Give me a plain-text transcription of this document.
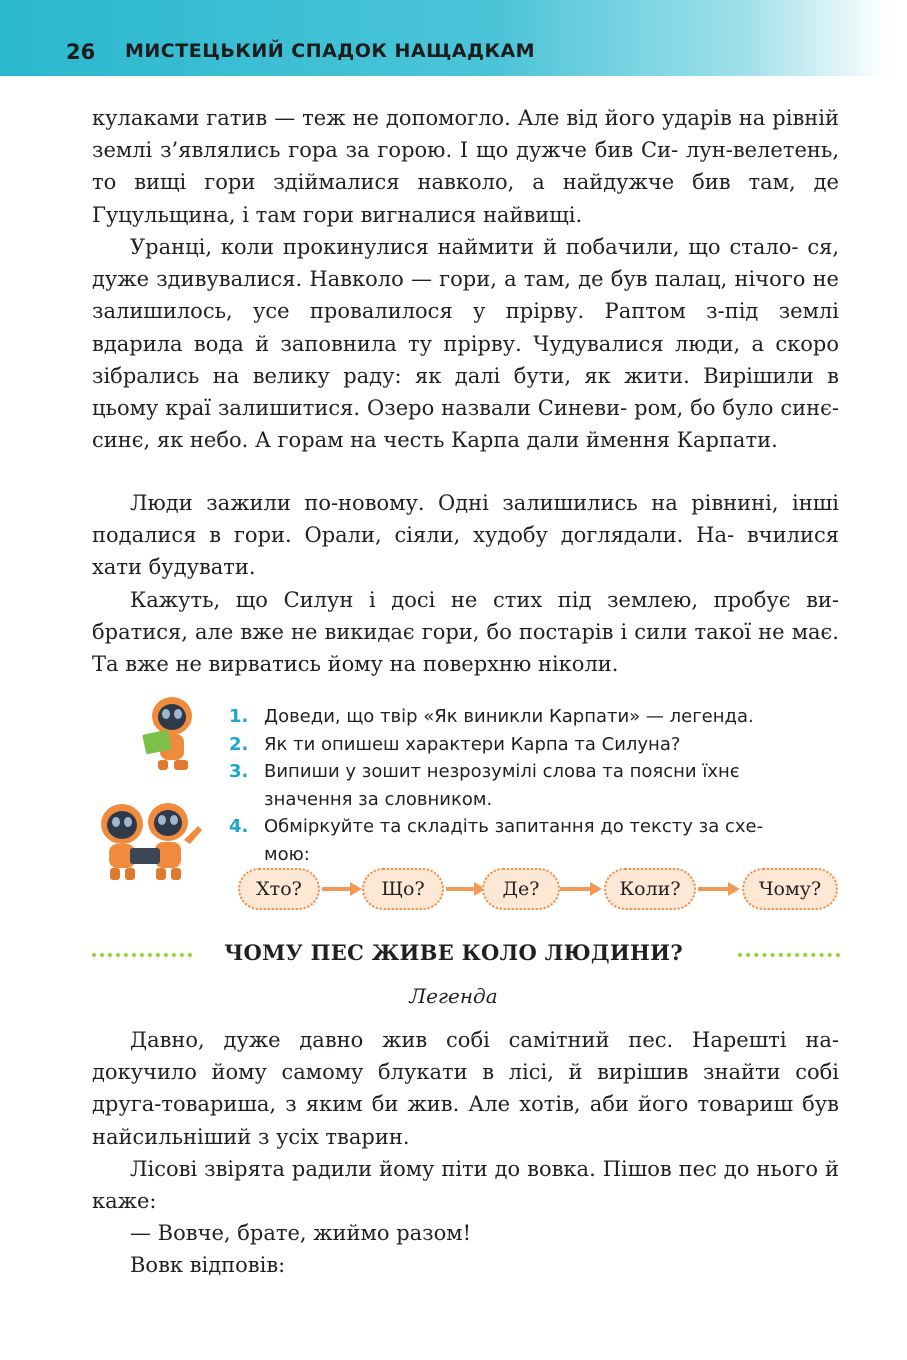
26 МИСТЕЦЬКИЙ СПАДОК НАЩАДКАМ

кулаками гатив — теж не допомогло. Але від його ударів на рівній землі з’являлись гора за горою. І що дужче бив Си- лун-велетень, то вищі гори здіймалися навколо, а найдужче бив там, де Гуцульщина, і там гори вигналися найвищі.

Уранці, коли прокинулися наймити й побачили, що стало- ся, дуже здивувалися. Навколо — гори, а там, де був палац, нічого не залишилось, усе провалилося у прірву. Раптом з-під землі вдарила вода й заповнила ту прірву. Чудувалися люди, а скоро зібрались на велику раду: як далі бути, як жити. Вирішили в цьому краї залишитися. Озеро назвали Синеви- ром, бо було синє-синє, як небо. А горам на честь Карпа дали ймення Карпати.

Люди зажили по-новому. Одні залишились на рівнині, інші подалися в гори. Орали, сіяли, худобу доглядали. На- вчилися хати будувати.

Кажуть, що Силун і досі не стих під землею, пробує ви- братися, але вже не викидає гори, бо постарів і сили такої не має. Та вже не вирватись йому на поверхню ніколи.

1. Доведи, що твір «Як виникли Карпати» — легенда.
2. Як ти опишеш характери Карпа та Силуна?
3. Випиши у зошит незрозумілі слова та поясни їхнє
значення за словником.
4. Обміркуйте та складіть запитання до тексту за схе-
мою:
Хто?	Що?	Де?	Коли?	Чому?
ЧОМУ ПЕС ЖИВЕ КОЛО ЛЮДИНИ?
Легенда

Давно, дуже давно жив собі самітний пес. Нарешті на- докучило йому самому блукати в лісі, й вирішив знайти собі друга-товариша, з яким би жив. Але хотів, аби його товариш був найсильніший з усіх тварин.

Лісові звірята радили йому піти до вовка. Пішов пес до нього й каже:

— Вовче, брате, жиймо разом!

Вовк відповів:
